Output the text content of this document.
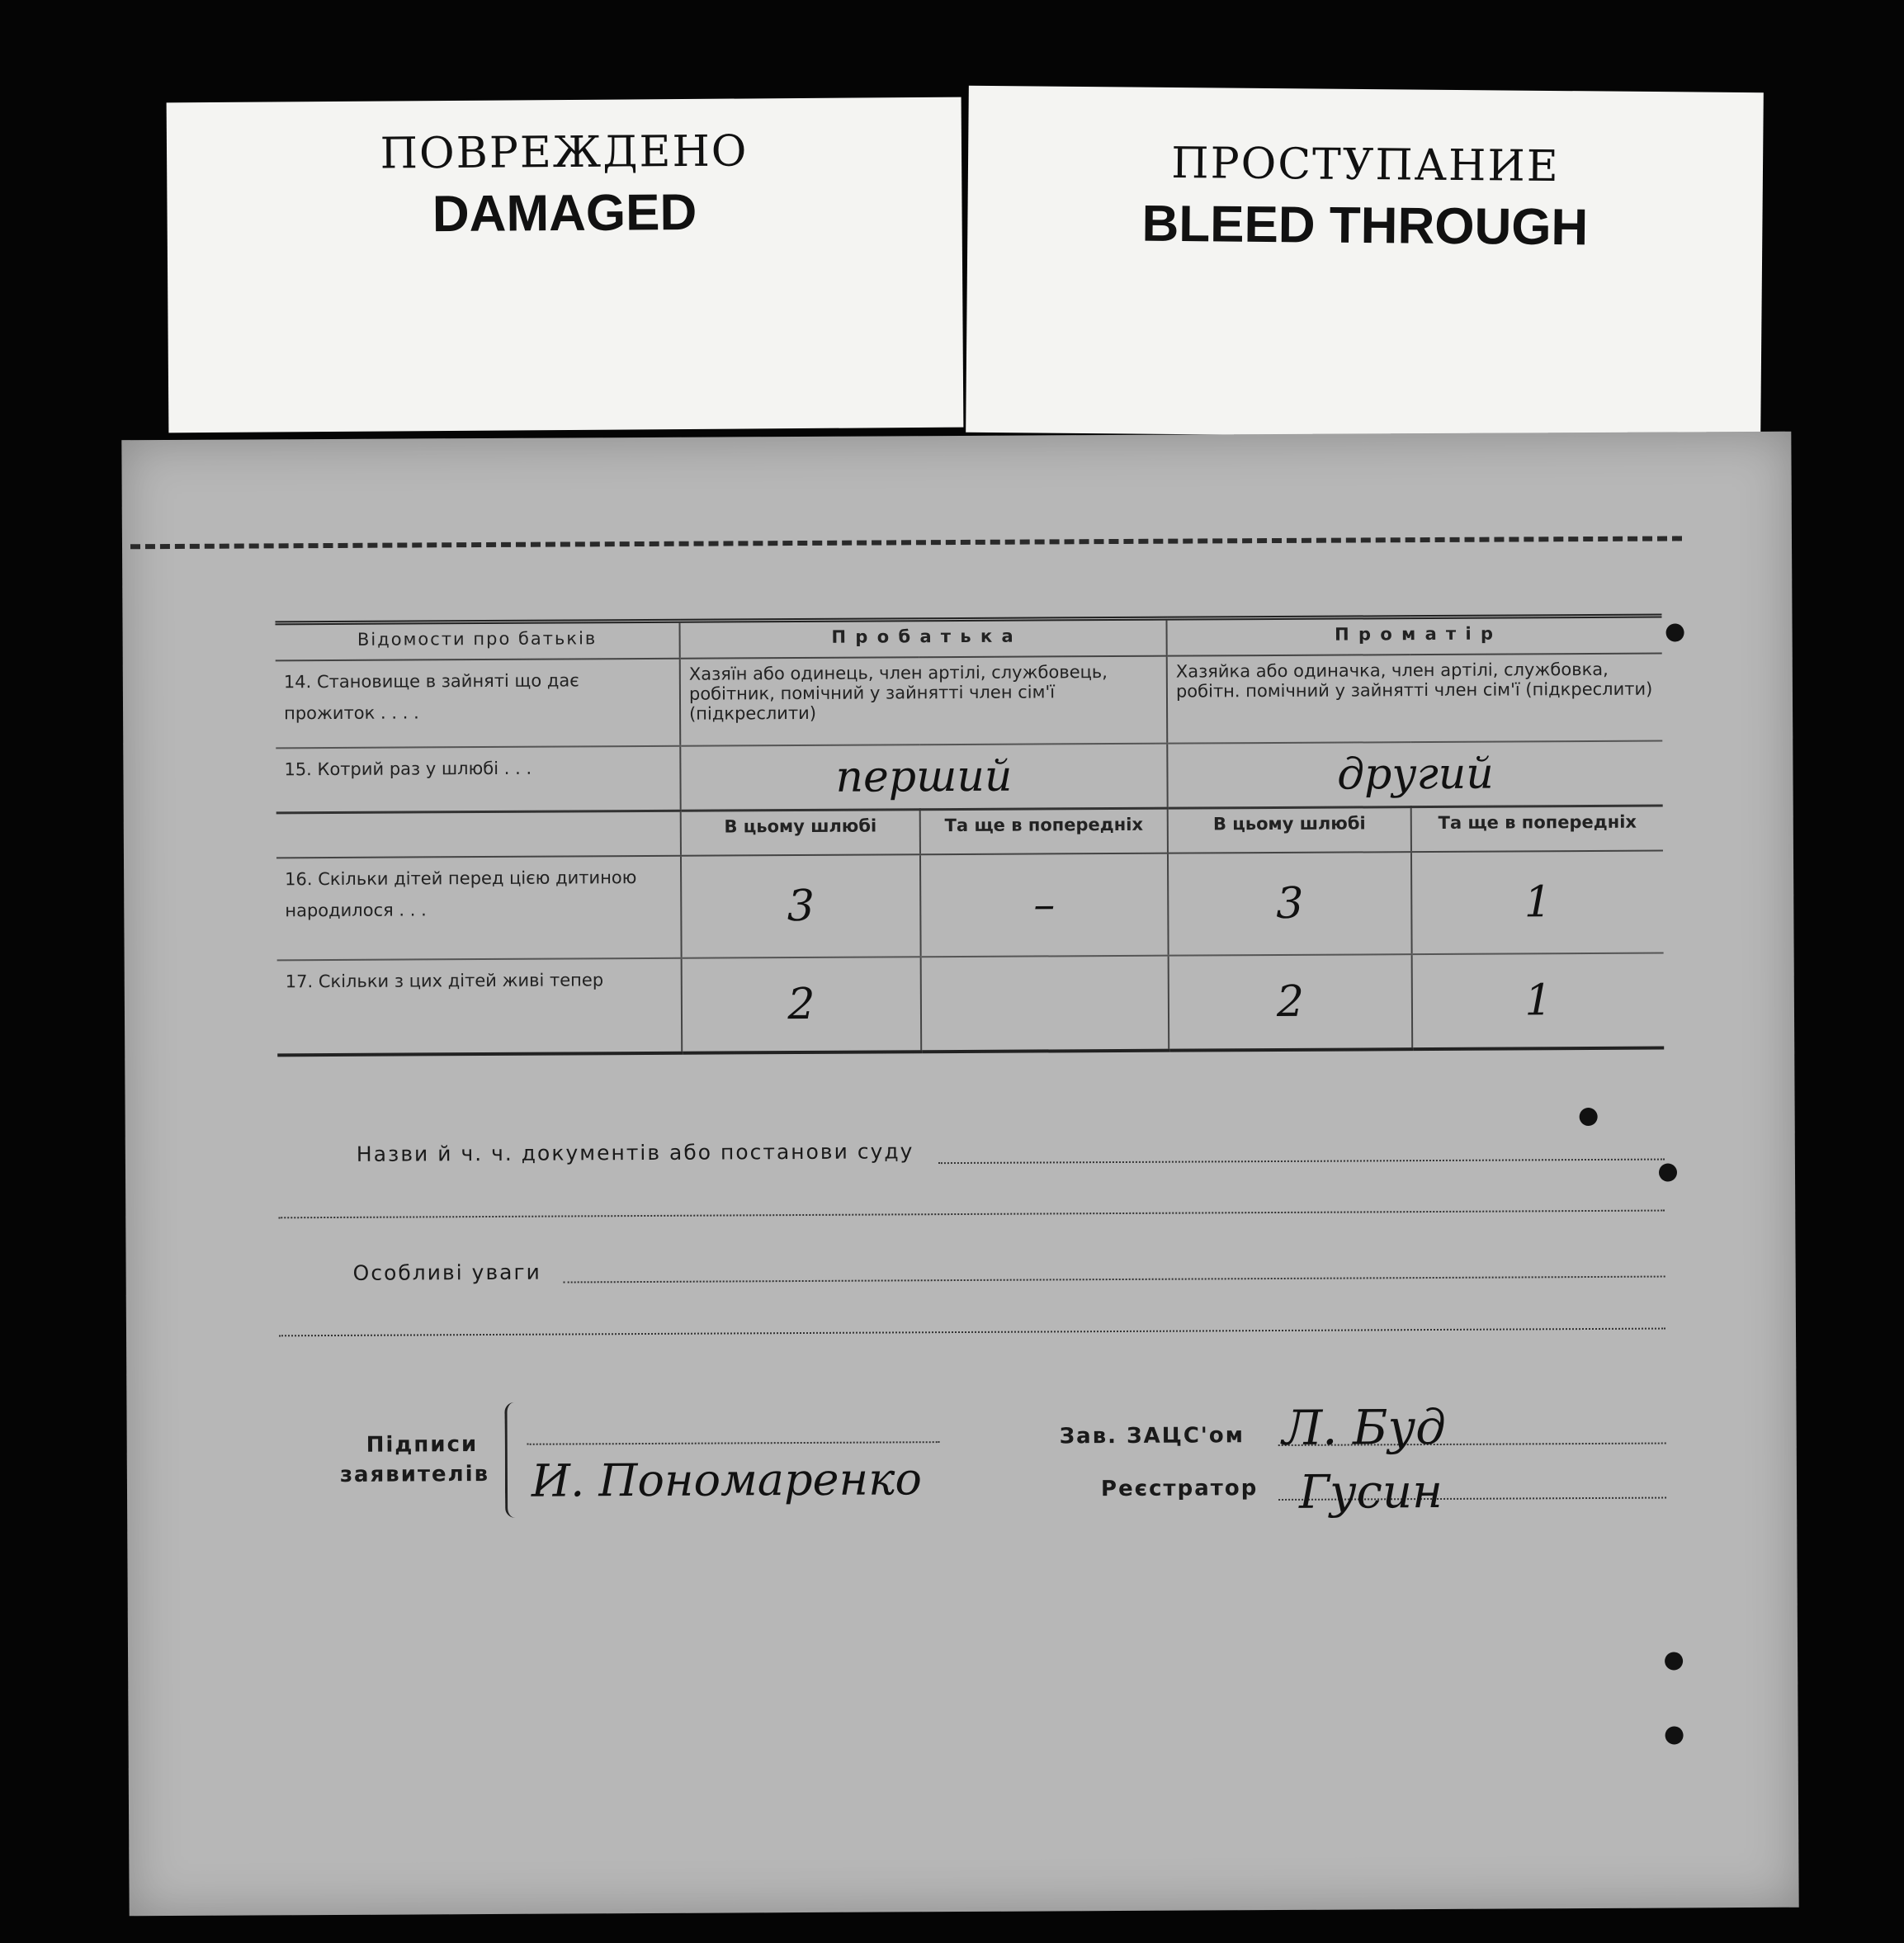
ПОВРЕЖДЕНО
DAMAGED
ПРОСТУПАНИЕ
BLEED THROUGH
Відомости про батьків	П р о б а т ь к а		П р о м а т і р	
14. Становище в зайняті що дає прожиток . . . .	Хазяїн або одинець, член артілі, службовець, робітник, помічний у зайнятті член сім'ї (підкреслити)		Хазяйка або одиначка, член артілі, службовка, робітн. помічний у зайнятті член сім'ї (підкреслити)	
15. Котрий раз у шлюбі . . .	перший		другий	
	В цьому шлюбі	Та ще в попередніх	В цьому шлюбі	Та ще в попередніх
16. Скільки дітей перед цією дитиною народилося . . .	3	–	3	1
17. Скільки з цих дітей живі тепер	2		2	1
Назви й ч. ч. документів або постанови суду
Особливі уваги
Підписи
заявителів И. Пономаренко
Зав. ЗАЦС'ом Л. Буд
Реєстратор Гусин
